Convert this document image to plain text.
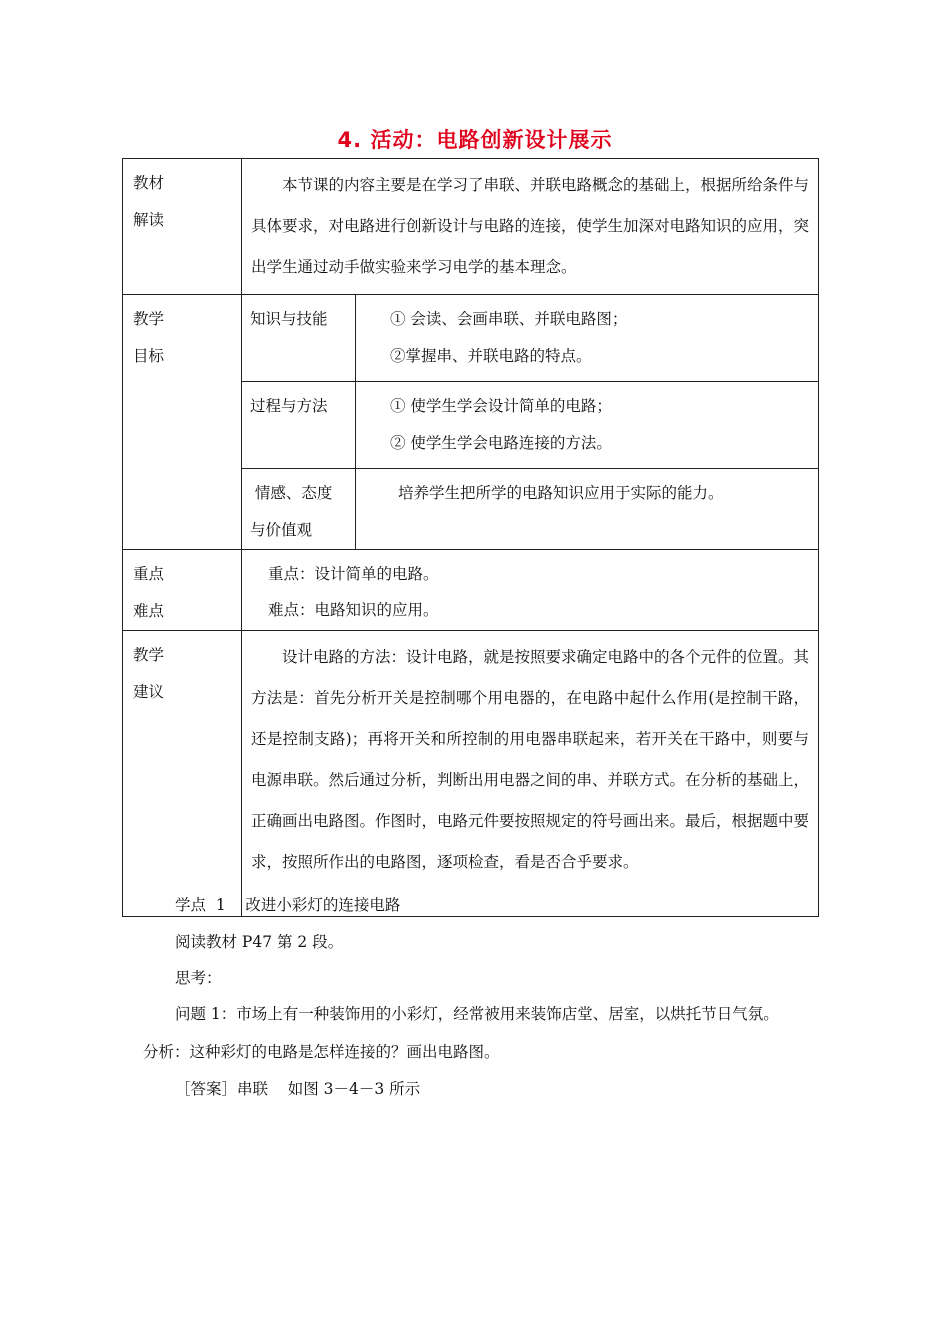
4. 活动：电路创新设计展示
教材
解读	本节课的内容主要是在学习了串联、并联电路概念的基础上，根据所给条件与具体要求，对电路进行创新设计与电路的连接，使学生加深对电路知识的应用，突出学生通过动手做实验来学习电学的基本理念。	

教学
目标	知识与技能	① 会读、会画串联、并联电路图；
②掌握串、并联电路的特点。

	过程与方法	① 使学生学会设计简单的电路；
② 使学生学会电路连接的方法。

	情感、态度
与价值观	培养学生把所学的电路知识应用于实际的能力。

重点
难点	重点：设计简单的电路。
难点：电路知识的应用。	

教学
建议	设计电路的方法：设计电路，就是按照要求确定电路中的各个元件的位置。其方法是：首先分析开关是控制哪个用电器的，在电路中起什么作用(是控制干路，还是控制支路)；再将开关和所控制的用电器串联起来，若开关在干路中，则要与电源串联。然后通过分析，判断出用电器之间的串、并联方式。在分析的基础上，正确画出电路图。作图时，电路元件要按照规定的符号画出来。最后，根据题中要求，按照所作出的电路图，逐项检查，看是否合乎要求。	
学点  1    改进小彩灯的连接电路
阅读教材 P47 第 2 段。
思考：
问题 1：市场上有一种装饰用的小彩灯，经常被用来装饰店堂、居室，以烘托节日气氛。
分析：这种彩灯的电路是怎样连接的？画出电路图。
［答案］串联    如图 3－4－3 所示
